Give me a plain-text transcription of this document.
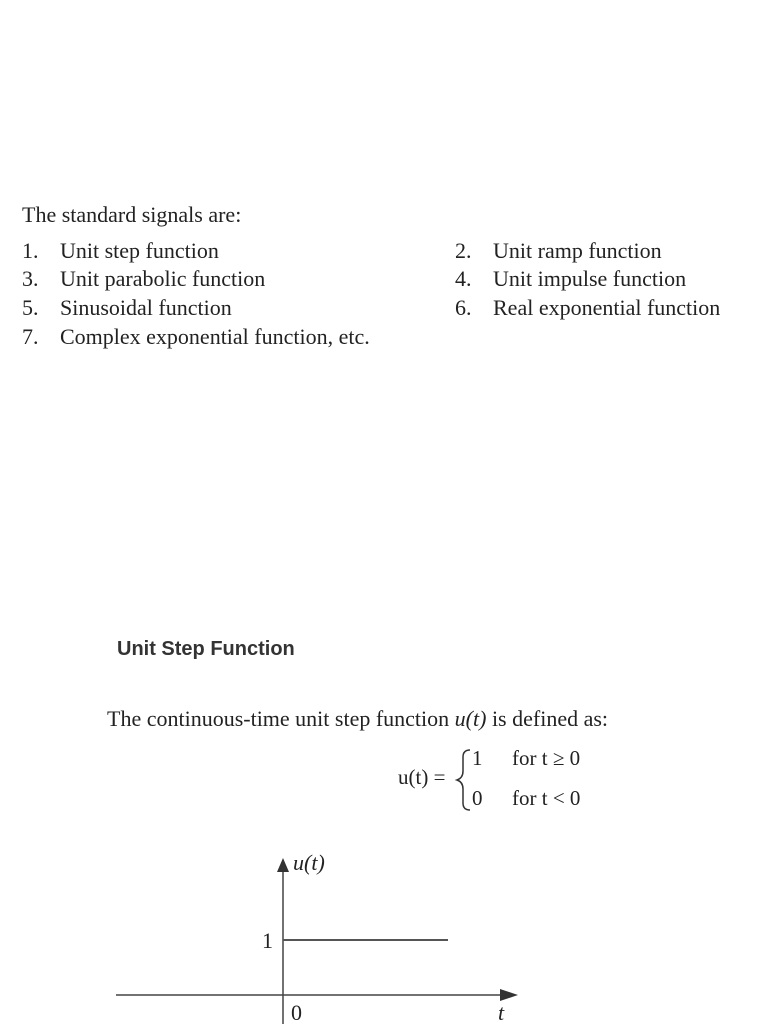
The standard signals are:
1. Unit step function	2. Unit ramp function
3. Unit parabolic function	4. Unit impulse function
5. Sinusoidal function	6. Real exponential function
7. Complex exponential function, etc.
Unit Step Function
The continuous-time unit step function u(t) is defined as:
u(t) =
1 for t ≥ 0
0 for t < 0
u(t)
1
0	t
